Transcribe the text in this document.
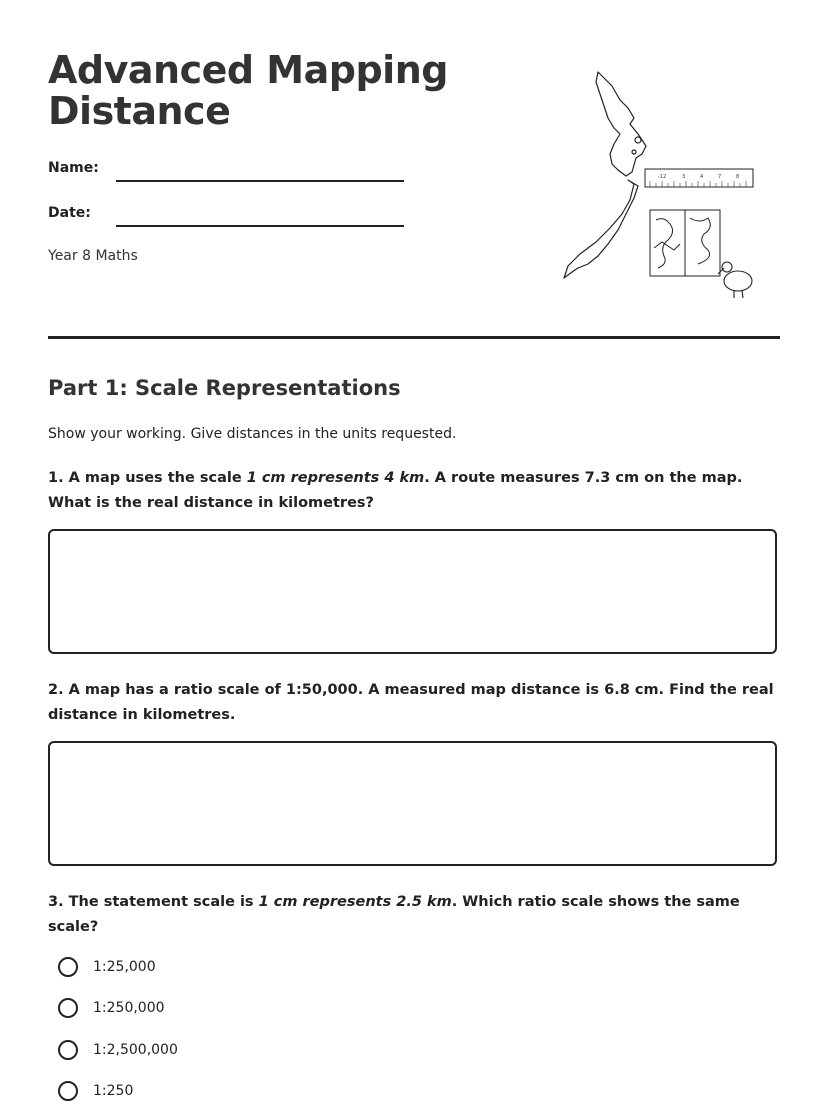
Advanced Mapping
Distance
Name:
Date:
Year 8 Maths
-12	3	4	7	8
Part 1: Scale Representations
Show your working. Give distances in the units requested.
1. A map uses the scale 1 cm represents 4 km. A route measures 7.3 cm on the map. What is the real distance in kilometres?
2. A map has a ratio scale of 1:50,000. A measured map distance is 6.8 cm. Find the real distance in kilometres.
3. The statement scale is 1 cm represents 2.5 km. Which ratio scale shows the same scale?
1:25,000
1:250,000
1:2,500,000
1:250
